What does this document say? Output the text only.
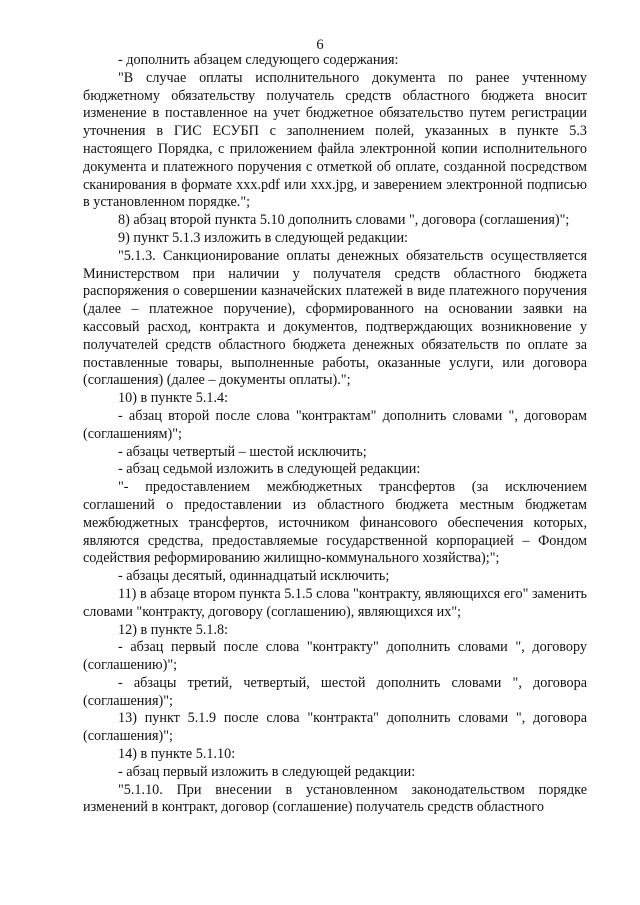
6

- дополнить абзацем следующего содержания:

"В случае оплаты исполнительного документа по ранее учтенному бюджетному обязательству получатель средств областного бюджета вносит изменение в поставленное на учет бюджетное обязательство путем регистрации уточнения в ГИС ЕСУБП с заполнением полей, указанных в пункте 5.3 настоящего Порядка, с приложением файла электронной копии исполнительного документа и платежного поручения с отметкой об оплате, созданной посредством сканирования в формате xxx.pdf или xxx.jpg, и заверением электронной подписью в установленном порядке.";

8) абзац второй пункта 5.10 дополнить словами ", договора (соглашения)";

9) пункт 5.1.3 изложить в следующей редакции:

"5.1.3. Санкционирование оплаты денежных обязательств осуществляется Министерством при наличии у получателя средств областного бюджета распоряжения о совершении казначейских платежей в виде платежного поручения (далее – платежное поручение), сформированного на основании заявки на кассовый расход, контракта и документов, подтверждающих возникновение у получателей средств областного бюджета денежных обязательств по оплате за поставленные товары, выполненные работы, оказанные услуги, или договора (соглашения) (далее – документы оплаты).";

10) в пункте 5.1.4:

- абзац второй после слова "контрактам" дополнить словами ", договорам (соглашениям)";

- абзацы четвертый – шестой исключить;

- абзац седьмой изложить в следующей редакции:

"- предоставлением межбюджетных трансфертов (за исключением соглашений о предоставлении из областного бюджета местным бюджетам межбюджетных трансфертов, источником финансового обеспечения которых, являются средства, предоставляемые государственной корпорацией – Фондом содействия реформированию жилищно-коммунального хозяйства);";

- абзацы десятый, одиннадцатый исключить;

11) в абзаце втором пункта 5.1.5 слова "контракту, являющихся его" заменить словами "контракту, договору (соглашению), являющихся их";

12) в пункте 5.1.8:

- абзац первый после слова "контракту" дополнить словами ", договору (соглашению)";

- абзацы третий, четвертый, шестой дополнить словами ", договора (соглашения)";

13) пункт 5.1.9 после слова "контракта" дополнить словами ", договора (соглашения)";

14) в пункте 5.1.10:

- абзац первый изложить в следующей редакции:

"5.1.10. При внесении в установленном законодательством порядке изменений в контракт, договор (соглашение) получатель средств областного
